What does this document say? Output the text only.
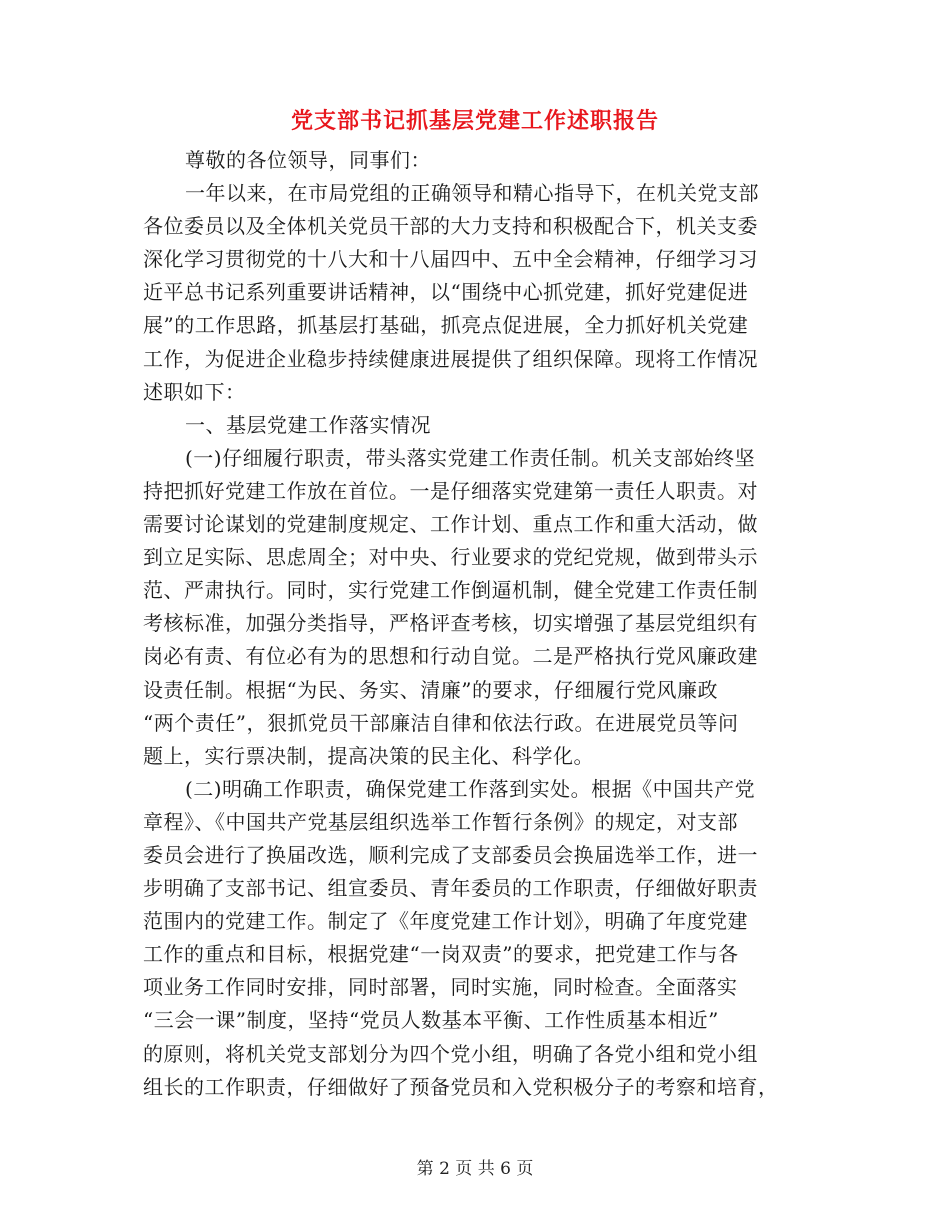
党支部书记抓基层党建工作述职报告
尊敬的各位领导，同事们：
一年以来，在市局党组的正确领导和精心指导下，在机关党支部
各位委员以及全体机关党员干部的大力支持和积极配合下，机关支委
深化学习贯彻党的十八大和十八届四中、五中全会精神，仔细学习习
近平总书记系列重要讲话精神，以“围绕中心抓党建，抓好党建促进
展”的工作思路，抓基层打基础，抓亮点促进展，全力抓好机关党建
工作，为促进企业稳步持续健康进展提供了组织保障。现将工作情况
述职如下：
一、基层党建工作落实情况
(一)仔细履行职责，带头落实党建工作责任制。机关支部始终坚
持把抓好党建工作放在首位。一是仔细落实党建第一责任人职责。对
需要讨论谋划的党建制度规定、工作计划、重点工作和重大活动，做
到立足实际、思虑周全；对中央、行业要求的党纪党规，做到带头示
范、严肃执行。同时，实行党建工作倒逼机制，健全党建工作责任制
考核标准，加强分类指导，严格评查考核，切实增强了基层党组织有
岗必有责、有位必有为的思想和行动自觉。二是严格执行党风廉政建
设责任制。根据“为民、务实、清廉”的要求，仔细履行党风廉政
“两个责任”，狠抓党员干部廉洁自律和依法行政。在进展党员等问
题上，实行票决制，提高决策的民主化、科学化。
(二)明确工作职责，确保党建工作落到实处。根据《中国共产党
章程》、《中国共产党基层组织选举工作暂行条例》的规定，对支部
委员会进行了换届改选，顺利完成了支部委员会换届选举工作，进一
步明确了支部书记、组宣委员、青年委员的工作职责，仔细做好职责
范围内的党建工作。制定了《年度党建工作计划》，明确了年度党建
工作的重点和目标，根据党建“一岗双责”的要求，把党建工作与各
项业务工作同时安排，同时部署，同时实施，同时检查。全面落实
“三会一课”制度，坚持“党员人数基本平衡、工作性质基本相近”
的原则，将机关党支部划分为四个党小组，明确了各党小组和党小组
组长的工作职责，仔细做好了预备党员和入党积极分子的考察和培育，
第 2 页 共 6 页
